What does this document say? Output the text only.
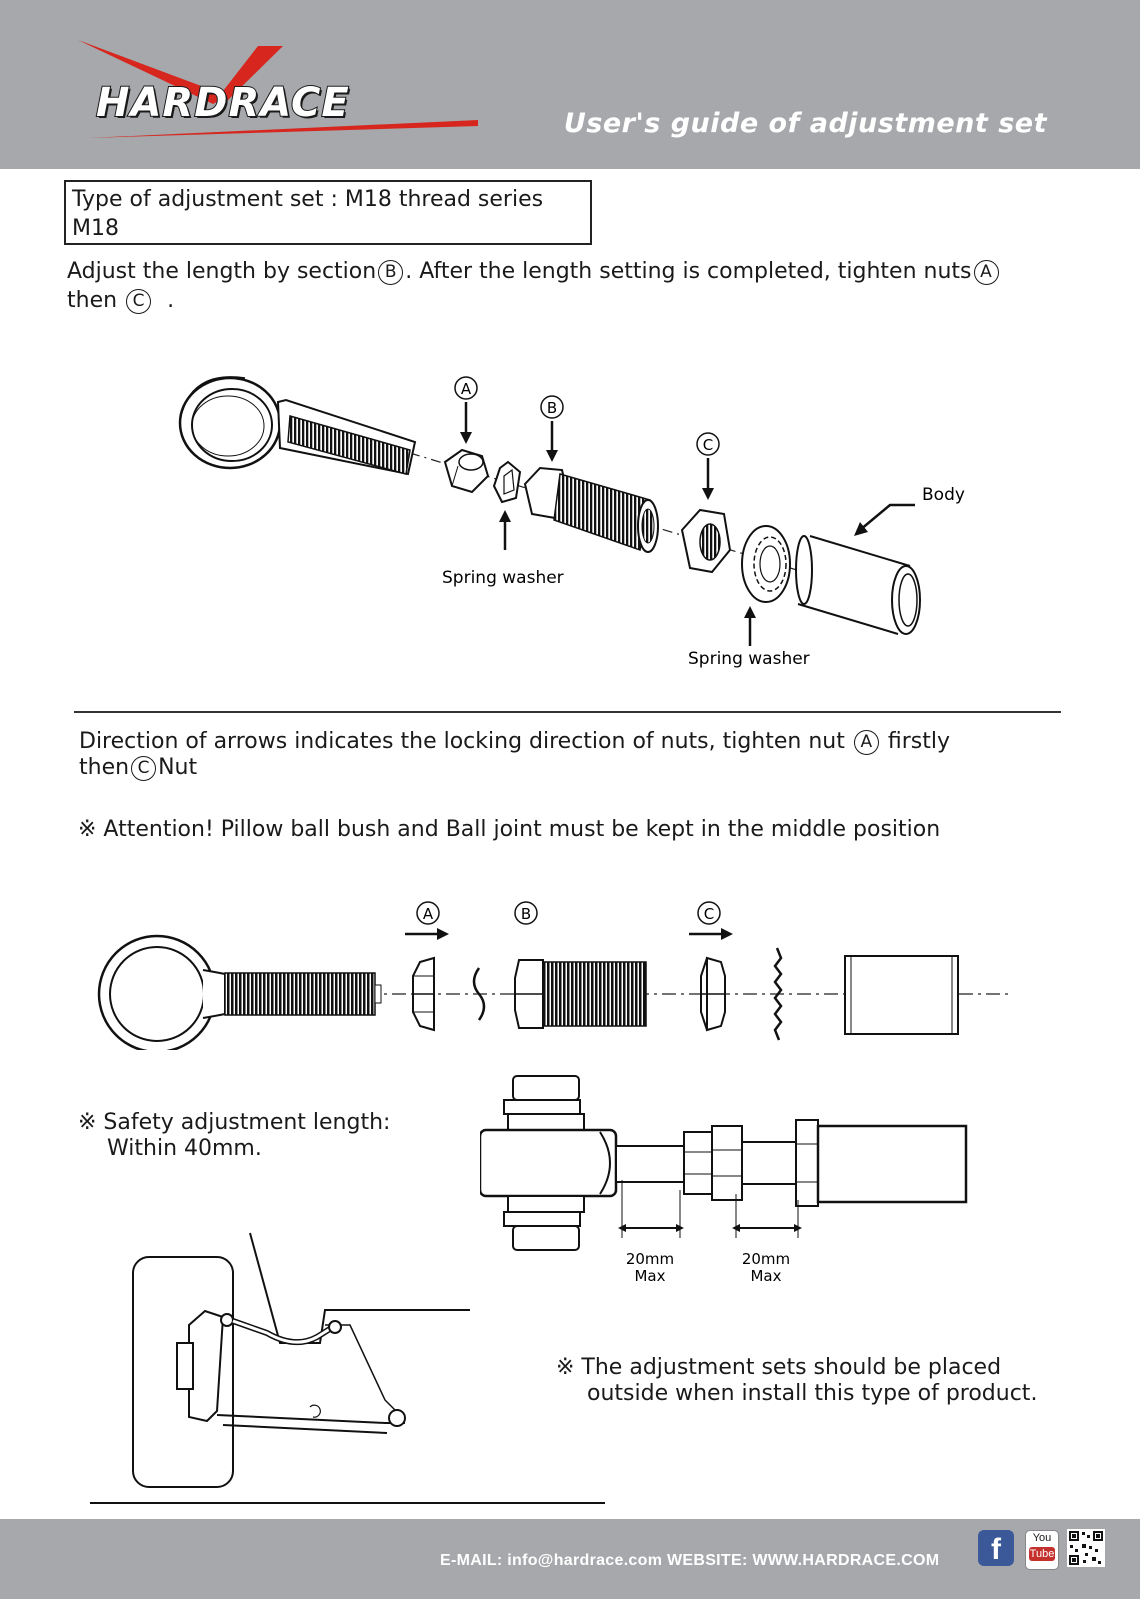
HARDRACE	User's guide of adjustment set
Type of adjustment set : M18 thread series
M18
Adjust the length by section B . After the length setting is completed, tighten nuts A
then C .
A
B
C
Spring washer
Spring washer
Body
Direction of arrows indicates the locking direction of nuts, tighten nut A firstly
then C Nut
※ Attention! Pillow ball bush and Ball joint must be kept in the middle position
A	B	C
※ Safety adjustment length:
Within 40mm.
20mm
Max
20mm
Max
※ The adjustment sets should be placed
outside when install this type of product.
E-MAIL: info@hardrace.com WEBSITE: WWW.HARDRACE.COM	f	You
Tube
